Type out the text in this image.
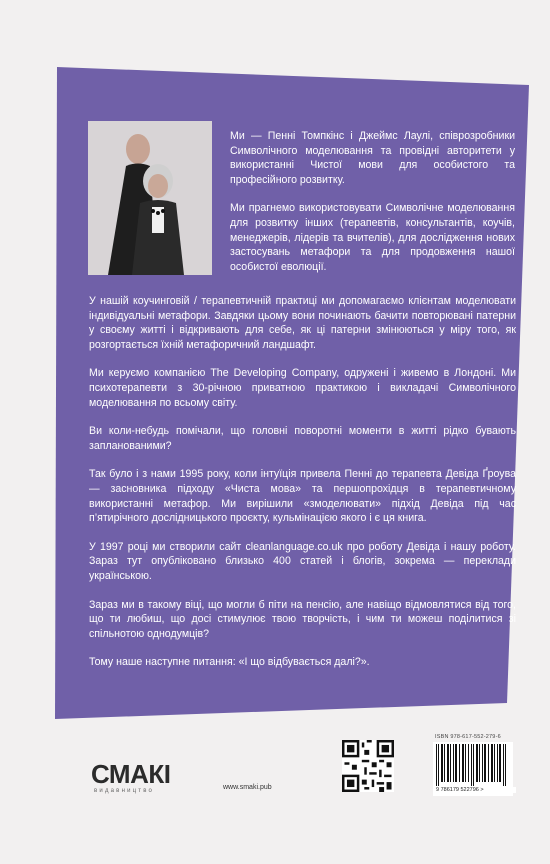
Ми — Пенні Томпкінс і Джеймс Лаулі, співрозробники Символічного моделювання та провідні авторитети у використанні Чистої мови для особистого та професійного розвитку.

Ми прагнемо використовувати Символічне моделювання для розвитку інших (терапевтів, консультантів, коучів, менеджерів, лідерів та вчителів), для дослідження нових застосувань метафори та для продовження нашої особистої еволюції.

У нашій коучинговій / терапевтичній практиці ми допомагаємо клієнтам моделювати індивідуальні метафори. Завдяки цьому вони починають бачити повторювані патерни у своєму житті і відкривають для себе, як ці патерни змінюються у міру того, як розгортається їхній метафоричний ландшафт.

Ми керуємо компанією The Developing Company, одружені і живемо в Лондоні. Ми психотерапевти з 30-річною приватною практикою і викладачі Символічного моделювання по всьому світу.

Ви коли-небудь помічали, що головні поворотні моменти в житті рідко бувають запланованими?

Так було і з нами 1995 року, коли інтуїція привела Пенні до терапевта Девіда Ґроува — засновника підходу «Чиста мова» та першопрохідця в терапевтичному використанні метафор. Ми вирішили «змоделювати» підхід Девіда під час п’ятирічного дослідницького проєкту, кульмінацією якого і є ця книга.

У 1997 році ми створили сайт cleanlanguage.co.uk про роботу Девіда і нашу роботу. Зараз тут опубліковано близько 400 статей і блогів, зокрема — переклади українською.

Зараз ми в такому віці, що могли б піти на пенсію, але навіщо відмовлятися від того, що ти любиш, що досі стимулює твою творчість, і чим ти можеш поділитися зі спільнотою однодумців?

Тому наше наступне питання: «І що відбувається далі?».

СМАКІ
видавництво	www.smaki.pub
ISBN 978-617-552-279-6
9 786179 522796 >
